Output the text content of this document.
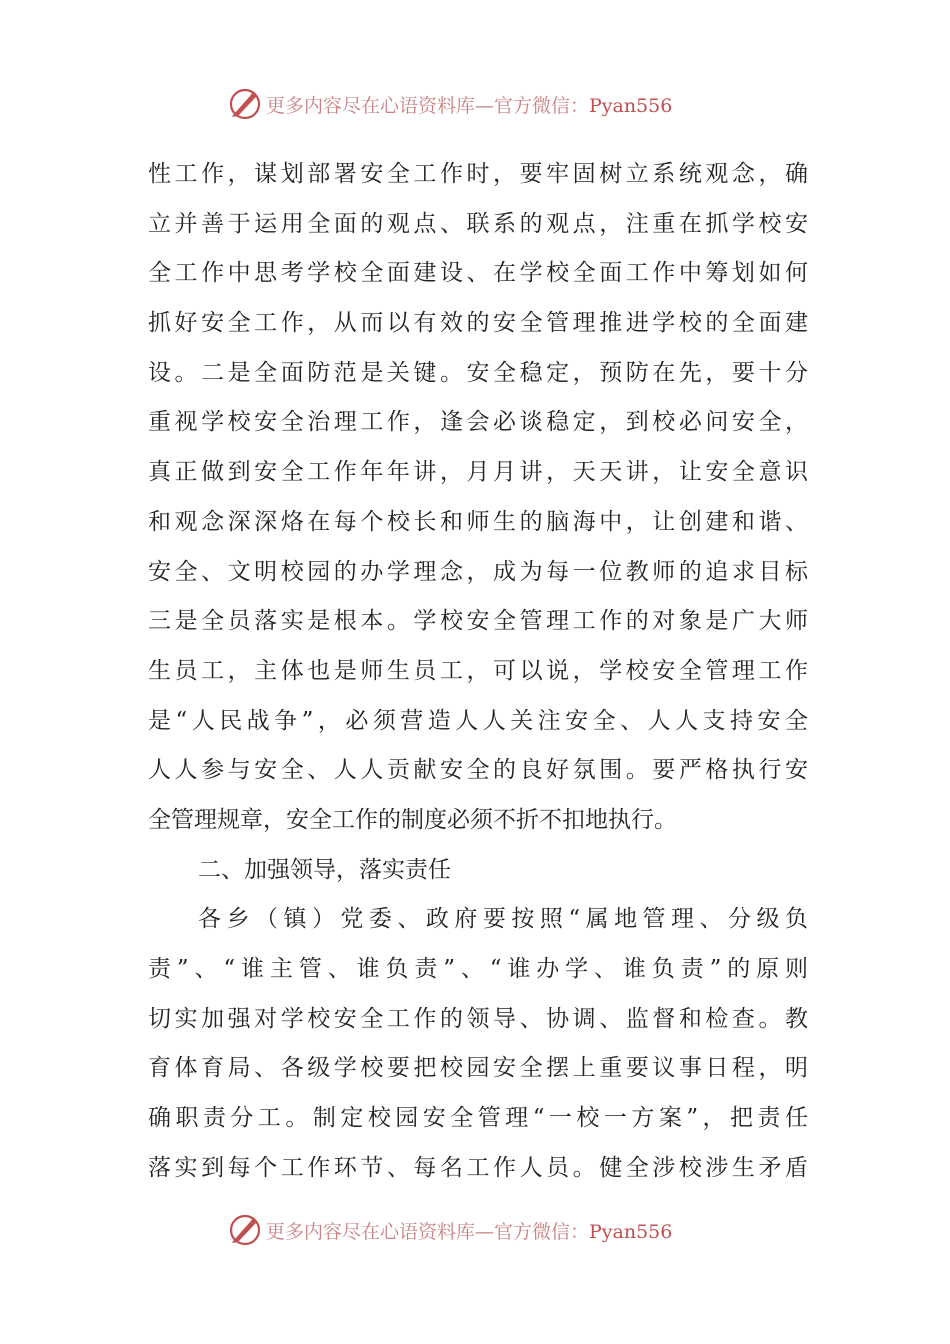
更多内容尽在心语资料库—官方微信：Pyan556
性工作，谋划部署安全工作时，要牢固树立系统观念，确
立并善于运用全面的观点、联系的观点，注重在抓学校安
全工作中思考学校全面建设、在学校全面工作中筹划如何
抓好安全工作，从而以有效的安全管理推进学校的全面建
设。二是全面防范是关键。安全稳定，预防在先，要十分
重视学校安全治理工作，逢会必谈稳定，到校必问安全，
真正做到安全工作年年讲，月月讲，天天讲，让安全意识
和观念深深烙在每个校长和师生的脑海中，让创建和谐、
安全、文明校园的办学理念，成为每一位教师的追求目标
三是全员落实是根本。学校安全管理工作的对象是广大师
生员工，主体也是师生员工，可以说，学校安全管理工作
是“人民战争”，必须营造人人关注安全、人人支持安全
人人参与安全、人人贡献安全的良好氛围。要严格执行安
全管理规章，安全工作的制度必须不折不扣地执行。
二、加强领导，落实责任
各乡（镇）党委、政府要按照“属地管理、分级负
责”、“谁主管、谁负责”、“谁办学、谁负责”的原则
切实加强对学校安全工作的领导、协调、监督和检查。教
育体育局、各级学校要把校园安全摆上重要议事日程，明
确职责分工。制定校园安全管理“一校一方案”，把责任
落实到每个工作环节、每名工作人员。健全涉校涉生矛盾
更多内容尽在心语资料库—官方微信：Pyan556
